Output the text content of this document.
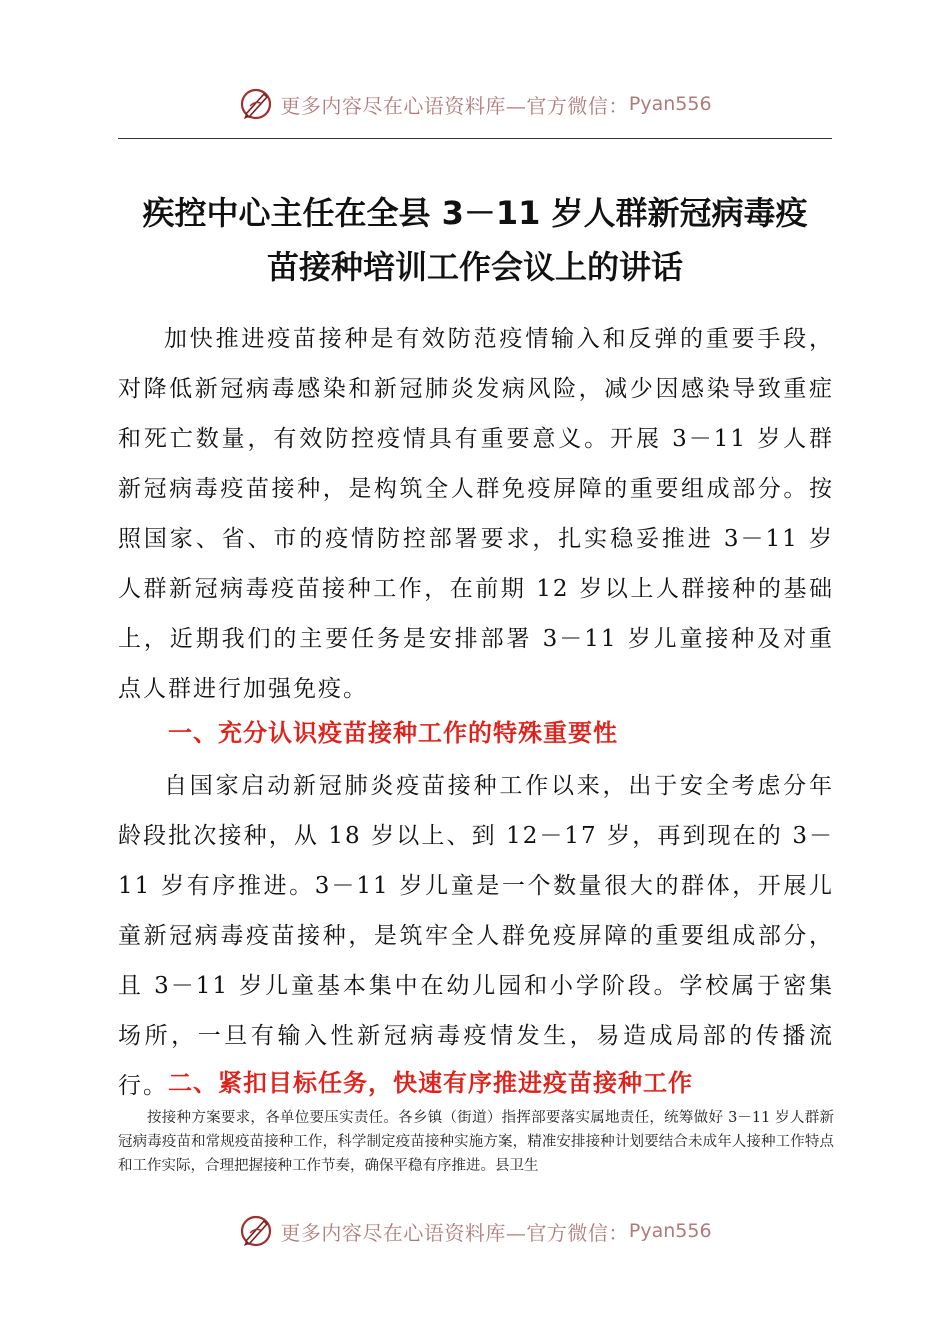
更多内容尽在心语资料库—官方微信： Pyan556
疾控中心主任在全县 3－11 岁人群新冠病毒疫
苗接种培训工作会议上的讲话
加快推进疫苗接种是有效防范疫情输入和反弹的重要手段，对降低新冠病毒感染和新冠肺炎发病风险，减少因感染导致重症和死亡数量，有效防控疫情具有重要意义。开展 3－11 岁人群新冠病毒疫苗接种，是构筑全人群免疫屏障的重要组成部分。按照国家、省、市的疫情防控部署要求，扎实稳妥推进 3－11 岁人群新冠病毒疫苗接种工作，在前期 12 岁以上人群接种的基础上，近期我们的主要任务是安排部署 3－11 岁儿童接种及对重点人群进行加强免疫。
一、充分认识疫苗接种工作的特殊重要性
自国家启动新冠肺炎疫苗接种工作以来，出于安全考虑分年龄段批次接种，从 18 岁以上、到 12－17 岁，再到现在的 3－11 岁有序推进。3－11 岁儿童是一个数量很大的群体，开展儿童新冠病毒疫苗接种，是筑牢全人群免疫屏障的重要组成部分，且 3－11 岁儿童基本集中在幼儿园和小学阶段。学校属于密集场所，一旦有输入性新冠病毒疫情发生，易造成局部的传播流行。 二、紧扣目标任务，快速有序推进疫苗接种工作
按接种方案要求，各单位要压实责任。各乡镇（街道）指挥部要落实属地责任，统筹做好 3－11 岁人群新冠病毒疫苗和常规疫苗接种工作，科学制定疫苗接种实施方案，精准安排接种计划要结合未成年人接种工作特点和工作实际，合理把握接种工作节奏，确保平稳有序推进。县卫生
更多内容尽在心语资料库—官方微信： Pyan556
